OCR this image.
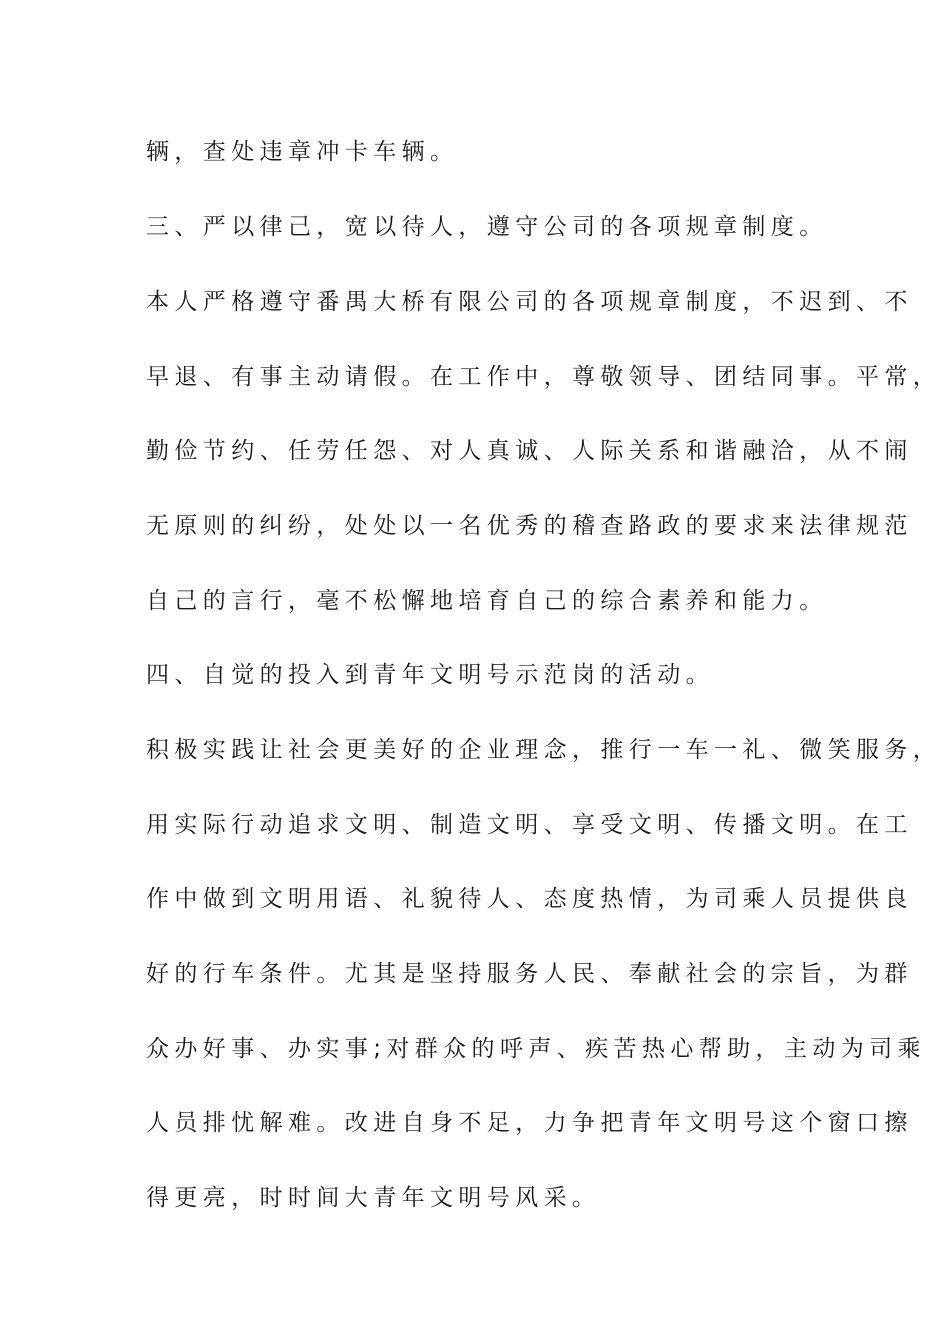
辆，查处违章冲卡车辆。

三、严以律己，宽以待人，遵守公司的各项规章制度。

本人严格遵守番禺大桥有限公司的各项规章制度，不迟到、不

早退、有事主动请假。在工作中，尊敬领导、团结同事。平常，

勤俭节约、任劳任怨、对人真诚、人际关系和谐融洽，从不闹

无原则的纠纷，处处以一名优秀的稽查路政的要求来法律规范

自己的言行，毫不松懈地培育自己的综合素养和能力。

四、自觉的投入到青年文明号示范岗的活动。

积极实践让社会更美好的企业理念，推行一车一礼、微笑服务，

用实际行动追求文明、制造文明、享受文明、传播文明。在工

作中做到文明用语、礼貌待人、态度热情，为司乘人员提供良

好的行车条件。尤其是坚持服务人民、奉献社会的宗旨，为群

众办好事、办实事;对群众的呼声、疾苦热心帮助，主动为司乘

人员排忧解难。改进自身不足，力争把青年文明号这个窗口擦

得更亮，时时间大青年文明号风采。
